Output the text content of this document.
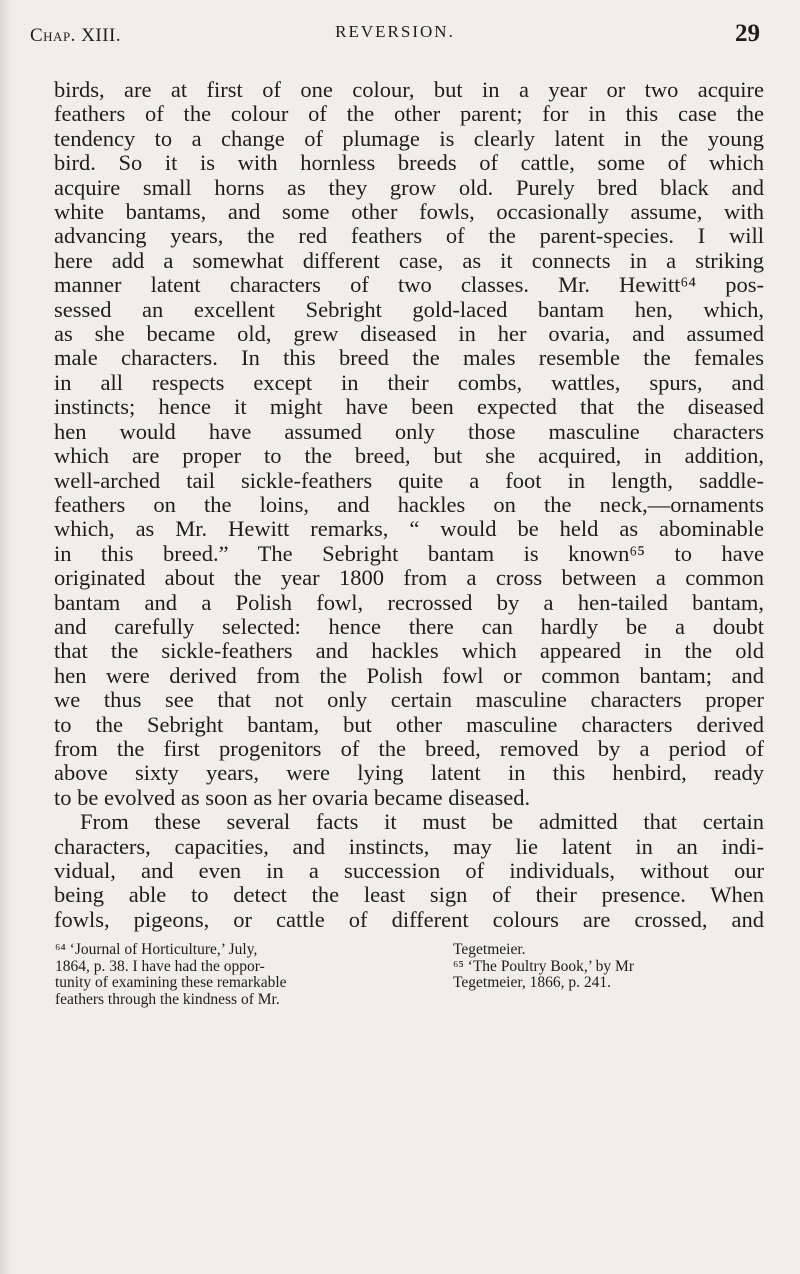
Chap. XIII.	REVERSION.	29
birds, are at first of one colour, but in a year or two acquire
feathers of the colour of the other parent; for in this case the
tendency to a change of plumage is clearly latent in the young
bird. So it is with hornless breeds of cattle, some of which
acquire small horns as they grow old. Purely bred black and
white bantams, and some other fowls, occasionally assume, with
advancing years, the red feathers of the parent-species. I will
here add a somewhat different case, as it connects in a striking
manner latent characters of two classes. Mr. Hewitt⁶⁴ pos-
sessed an excellent Sebright gold-laced bantam hen, which,
as she became old, grew diseased in her ovaria, and assumed
male characters. In this breed the males resemble the females
in all respects except in their combs, wattles, spurs, and
instincts; hence it might have been expected that the diseased
hen would have assumed only those masculine characters
which are proper to the breed, but she acquired, in addition,
well-arched tail sickle-feathers quite a foot in length, saddle-
feathers on the loins, and hackles on the neck,—ornaments
which, as Mr. Hewitt remarks, “ would be held as abominable
in this breed.” The Sebright bantam is known⁶⁵ to have
originated about the year 1800 from a cross between a common
bantam and a Polish fowl, recrossed by a hen-tailed bantam,
and carefully selected: hence there can hardly be a doubt
that the sickle-feathers and hackles which appeared in the old
hen were derived from the Polish fowl or common bantam; and
we thus see that not only certain masculine characters proper
to the Sebright bantam, but other masculine characters derived
from the first progenitors of the breed, removed by a period of
above sixty years, were lying latent in this henbird, ready
to be evolved as soon as her ovaria became diseased.
From these several facts it must be admitted that certain
characters, capacities, and instincts, may lie latent in an indi-
vidual, and even in a succession of individuals, without our
being able to detect the least sign of their presence. When
fowls, pigeons, or cattle of different colours are crossed, and
⁶⁴ ‘Journal of Horticulture,’ July,
1864, p. 38. I have had the oppor-
tunity of examining these remarkable
feathers through the kindness of Mr.
Tegetmeier.
⁶⁵ ‘The Poultry Book,’ by Mr
Tegetmeier, 1866, p. 241.
